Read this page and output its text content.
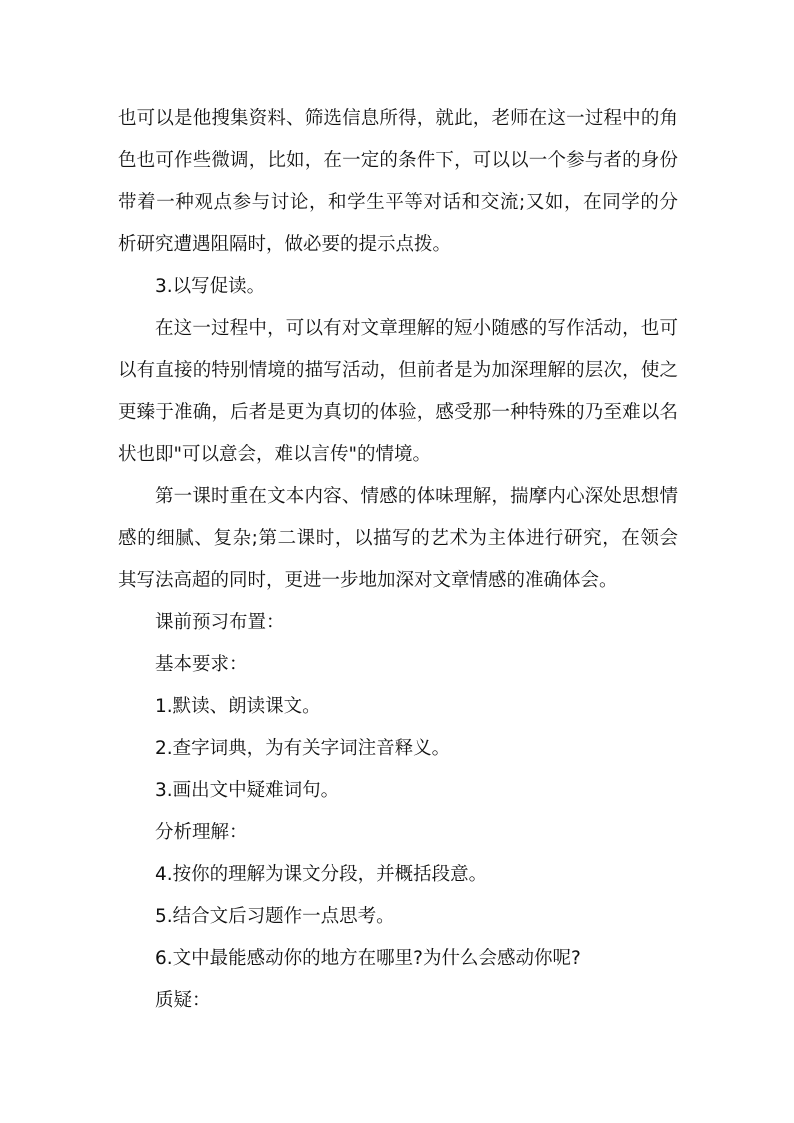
也可以是他搜集资料、筛选信息所得，就此，老师在这一过程中的角色也可作些微调，比如，在一定的条件下，可以以一个参与者的身份带着一种观点参与讨论，和学生平等对话和交流;又如，在同学的分析研究遭遇阻隔时，做必要的提示点拨。

3.以写促读。

在这一过程中，可以有对文章理解的短小随感的写作活动，也可以有直接的特别情境的描写活动，但前者是为加深理解的层次，使之更臻于准确，后者是更为真切的体验，感受那一种特殊的乃至难以名状也即"可以意会，难以言传"的情境。

第一课时重在文本内容、情感的体味理解，揣摩内心深处思想情感的细腻、复杂;第二课时，以描写的艺术为主体进行研究，在领会其写法高超的同时，更进一步地加深对文章情感的准确体会。

课前预习布置：

基本要求：

1.默读、朗读课文。

2.查字词典，为有关字词注音释义。

3.画出文中疑难词句。

分析理解：

4.按你的理解为课文分段，并概括段意。

5.结合文后习题作一点思考。

6.文中最能感动你的地方在哪里?为什么会感动你呢?

质疑：
